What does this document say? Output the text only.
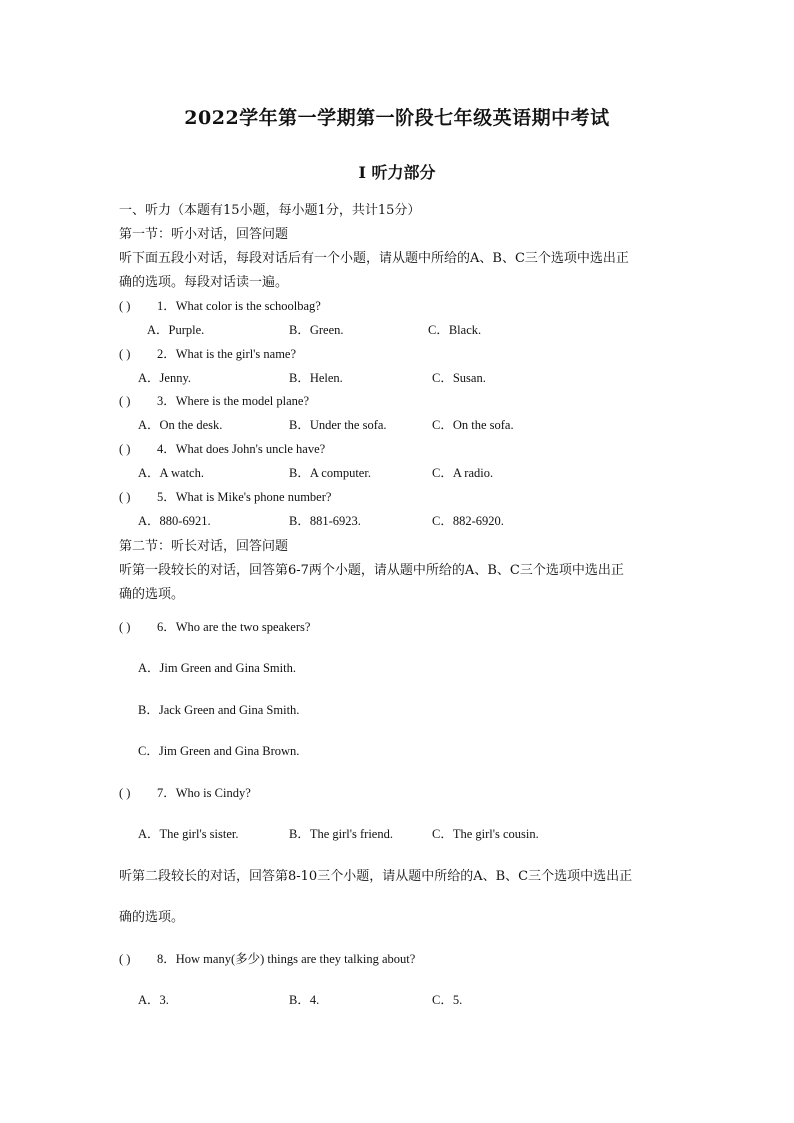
2022学年第一学期第一阶段七年级英语期中考试
I 听力部分
一、听力（本题有15小题，每小题1分，共计15分）
第一节：听小对话，回答问题
听下面五段小对话，每段对话后有一个小题，请从题中所给的A、B、C三个选项中选出正
确的选项。每段对话读一遍。
( ) 1．What color is the schoolbag?
A．Purple.	B．Green.	C．Black.
( ) 2．What is the girl's name?
A．Jenny.	B．Helen.	C．Susan.
( ) 3．Where is the model plane?
A．On the desk.	B．Under the sofa.	C．On the sofa.
( ) 4．What does John's uncle have?
A．A watch.	B．A computer.	C．A radio.
( ) 5．What is Mike's phone number?
A．880-6921.	B．881-6923.	C．882-6920.
第二节：听长对话，回答问题
听第一段较长的对话，回答第6-7两个小题，请从题中所给的A、B、C三个选项中选出正
确的选项。
( ) 6．Who are the two speakers?
A．Jim Green and Gina Smith.
B．Jack Green and Gina Smith.
C．Jim Green and Gina Brown.
( ) 7．Who is Cindy?
A．The girl's sister.	B．The girl's friend.	C．The girl's cousin.
听第二段较长的对话，回答第8-10三个小题，请从题中所给的A、B、C三个选项中选出正
确的选项。
( ) 8．How many(多少) things are they talking about?
A．3.	B．4.	C．5.
